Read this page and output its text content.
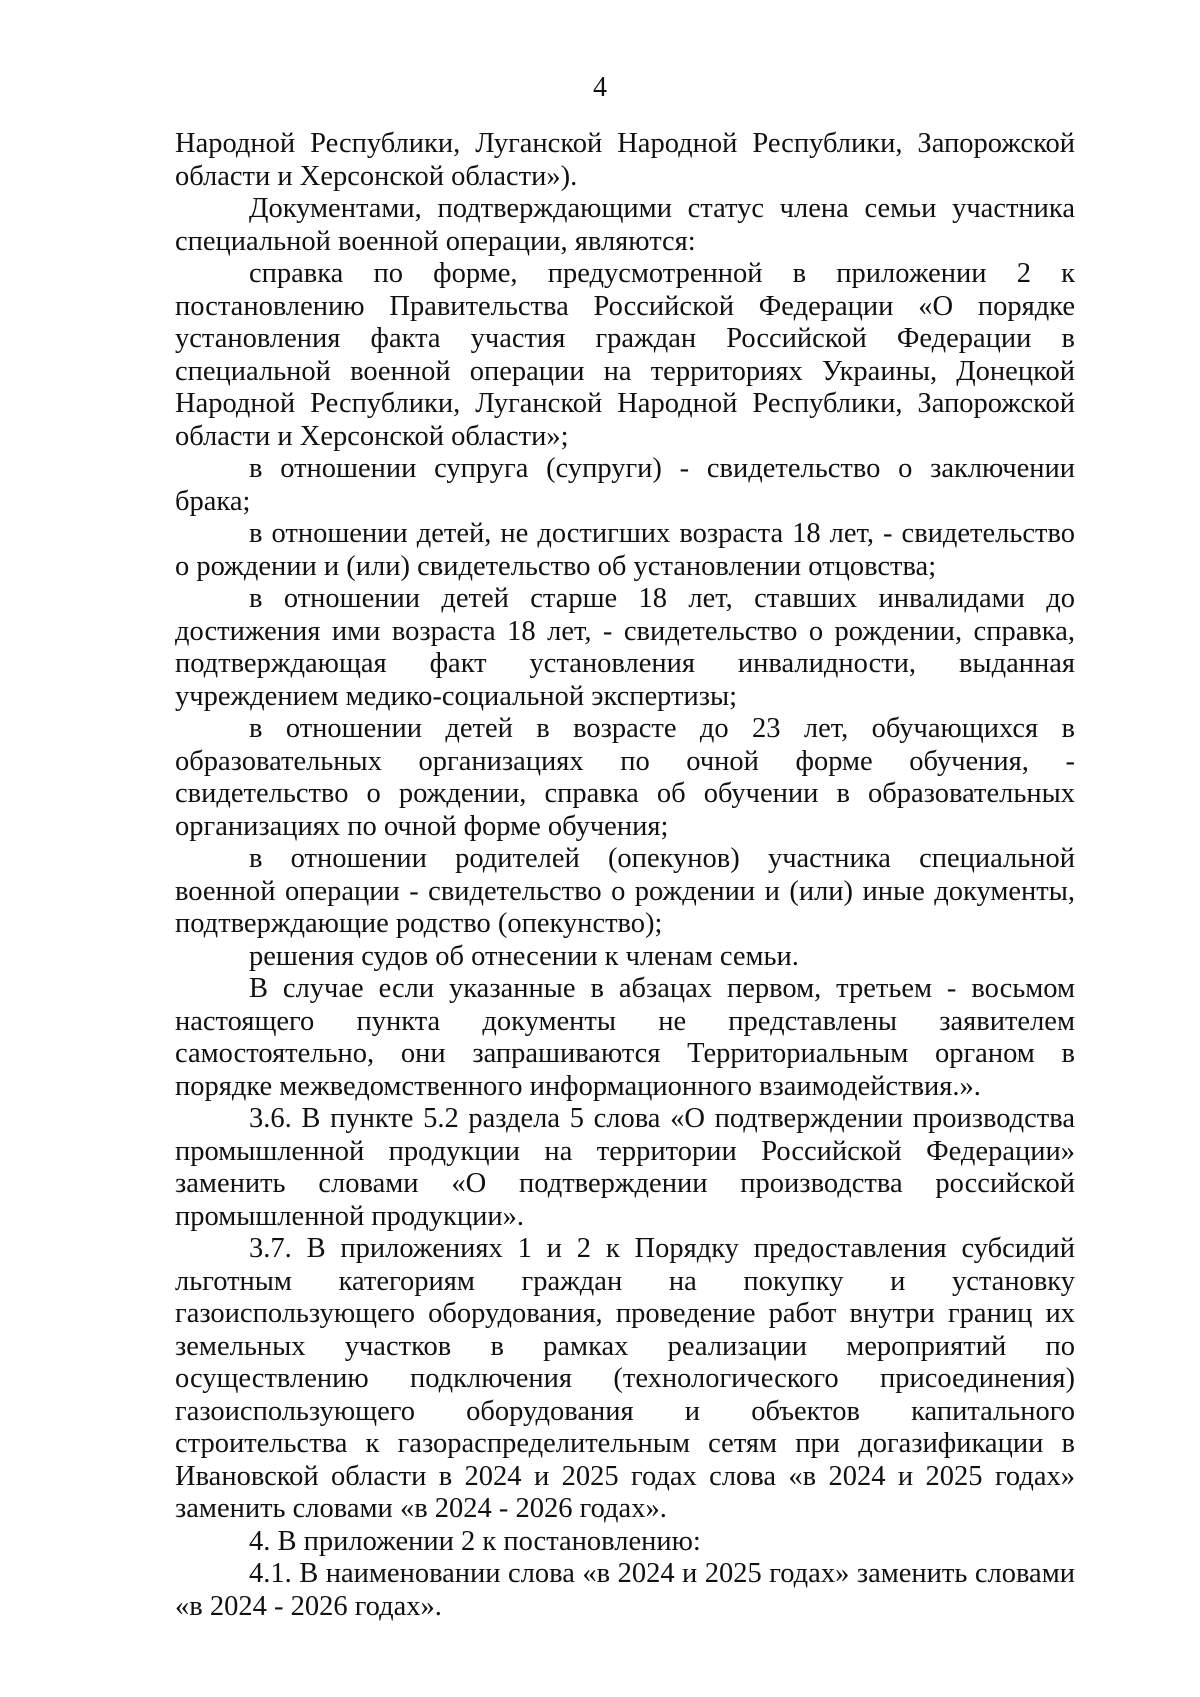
4

Народной Республики, Луганской Народной Республики, Запорожской области и Херсонской области»).

Документами, подтверждающими статус члена семьи участника специальной военной операции, являются:

справка по форме, предусмотренной в приложении 2 к постановлению Правительства Российской Федерации «О порядке установления факта участия граждан Российской Федерации в специальной военной операции на территориях Украины, Донецкой Народной Республики, Луганской Народной Республики, Запорожской области и Херсонской области»;

в отношении супруга (супруги) - свидетельство о заключении брака;

в отношении детей, не достигших возраста 18 лет, - свидетельство о рождении и (или) свидетельство об установлении отцовства;

в отношении детей старше 18 лет, ставших инвалидами до достижения ими возраста 18 лет, - свидетельство о рождении, справка, подтверждающая факт установления инвалидности, выданная учреждением медико-социальной экспертизы;

в отношении детей в возрасте до 23 лет, обучающихся в образовательных организациях по очной форме обучения, - свидетельство о рождении, справка об обучении в образовательных организациях по очной форме обучения;

в отношении родителей (опекунов) участника специальной военной операции - свидетельство о рождении и (или) иные документы, подтверждающие родство (опекунство);

решения судов об отнесении к членам семьи.

В случае если указанные в абзацах первом, третьем - восьмом настоящего пункта документы не представлены заявителем самостоятельно, они запрашиваются Территориальным органом в порядке межведомственного информационного взаимодействия.».

3.6. В пункте 5.2 раздела 5 слова «О подтверждении производства промышленной продукции на территории Российской Федерации» заменить словами «О подтверждении производства российской промышленной продукции».

3.7. В приложениях 1 и 2 к Порядку предоставления субсидий льготным категориям граждан на покупку и установку газоиспользующего оборудования, проведение работ внутри границ их земельных участков в рамках реализации мероприятий по осуществлению подключения (технологического присоединения) газоиспользующего оборудования и объектов капитального строительства к газораспределительным сетям при догазификации в Ивановской области в 2024 и 2025 годах слова «в 2024 и 2025 годах» заменить словами «в 2024 - 2026 годах».

4. В приложении 2 к постановлению:

4.1. В наименовании слова «в 2024 и 2025 годах» заменить словами «в 2024 - 2026 годах».
